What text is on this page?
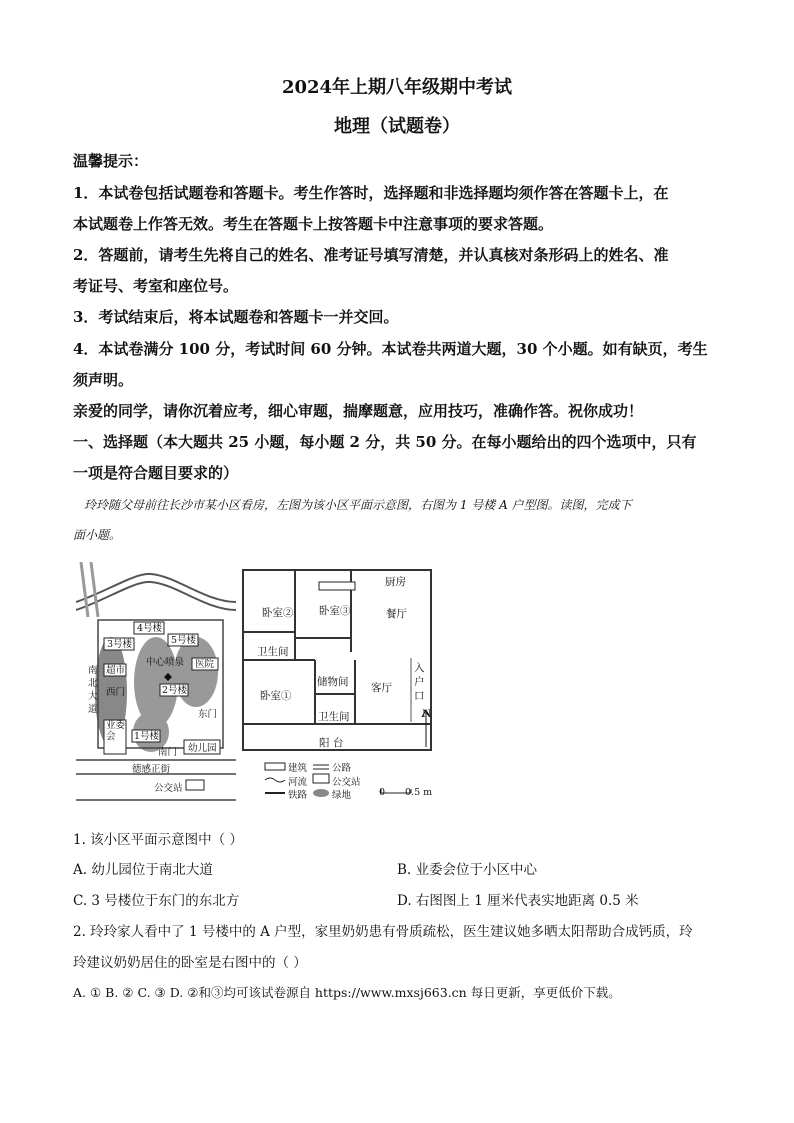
2024年上期八年级期中考试
地理（试题卷）
温馨提示：
1．本试卷包括试题卷和答题卡。考生作答时，选择题和非选择题均须作答在答题卡上，在
本试题卷上作答无效。考生在答题卡上按答题卡中注意事项的要求答题。
2．答题前，请考生先将自己的姓名、准考证号填写清楚，并认真核对条形码上的姓名、准
考证号、考室和座位号。
3．考试结束后，将本试题卷和答题卡一并交回。
4．本试卷满分 100 分，考试时间 60 分钟。本试卷共两道大题，30 个小题。如有缺页，考生
须声明。
亲爱的同学，请你沉着应考，细心审题，揣摩题意，应用技巧，准确作答。祝你成功！
一、选择题（本大题共 25 小题，每小题 2 分，共 50 分。在每小题给出的四个选项中，只有
一项是符合题目要求的）
玲玲随父母前往长沙市某小区看房，左图为该小区平面示意图，右图为 1 号楼 A 户型图。读图，完成下
面小题。
4号楼
3号楼	5号楼
超市
医院
2号楼
西门
东门
业委会	1号楼
幼儿园
南门
中心喷泉
南
北
大
道
德感正街
公交站
厨房
卧室② 卧室③	餐厅
卫生间
储物间 客厅
卧室①
卫生间
入
户
口
阳 台
N
建筑	公路
河流	公交站
铁路	绿地	0 0.5 m
1. 该小区平面示意图中（ ）
A. 幼儿园位于南北大道	B. 业委会位于小区中心
C. 3 号楼位于东门的东北方	D. 右图图上 1 厘米代表实地距离 0.5 米
2. 玲玲家人看中了 1 号楼中的 A 户型，家里奶奶患有骨质疏松，医生建议她多晒太阳帮助合成钙质，玲
玲建议奶奶居住的卧室是右图中的（ ）
A. ① B. ② C. ③ D. ②和③均可该试卷源自 https://www.mxsj663.cn 每日更新，享更低价下载。
